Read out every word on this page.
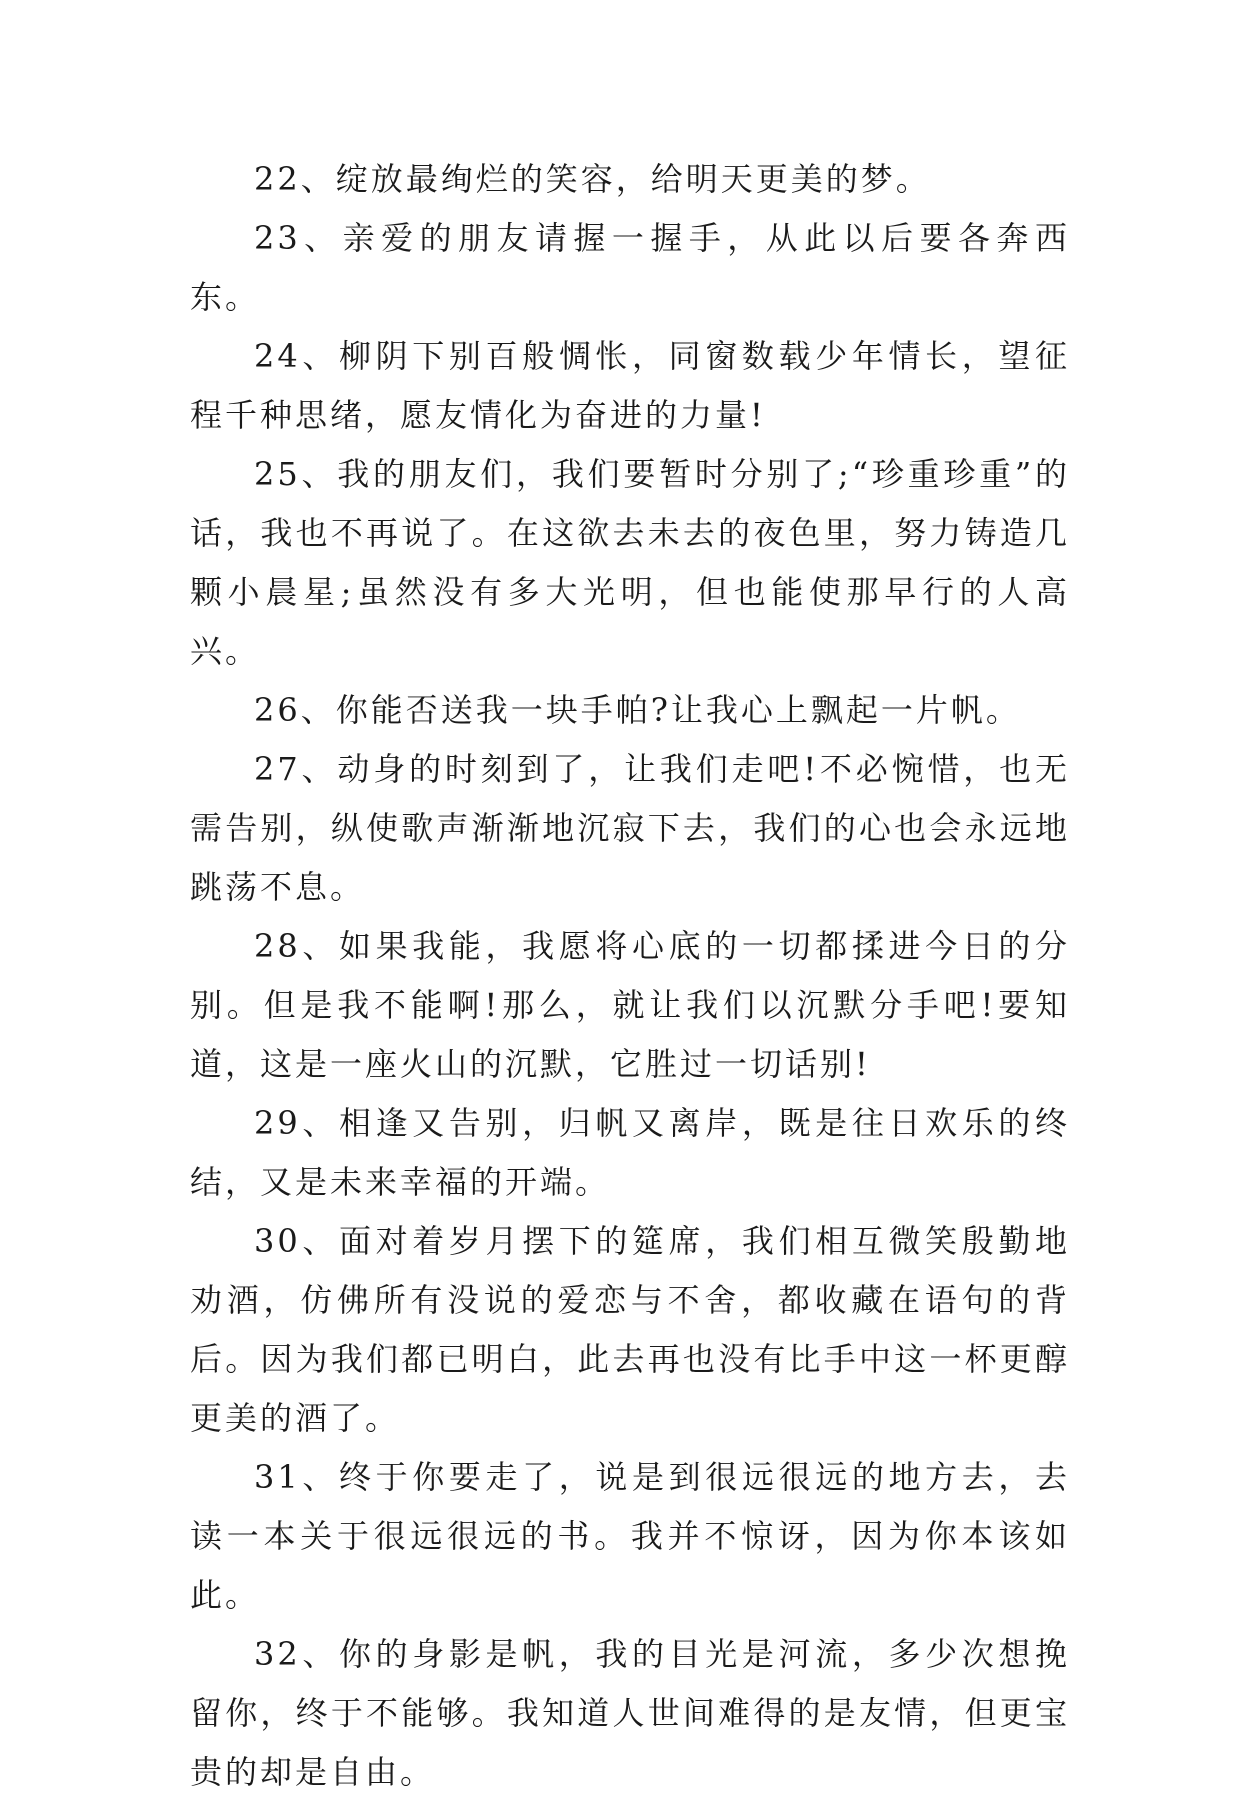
22、绽放最绚烂的笑容，给明天更美的梦。

23、亲爱的朋友请握一握手，从此以后要各奔西东。

24、柳阴下别百般惆怅，同窗数载少年情长，望征程千种思绪，愿友情化为奋进的力量!

25、我的朋友们，我们要暂时分别了;“珍重珍重”的话，我也不再说了。在这欲去未去的夜色里，努力铸造几颗小晨星;虽然没有多大光明，但也能使那早行的人高兴。

26、你能否送我一块手帕?让我心上飘起一片帆。

27、动身的时刻到了，让我们走吧!不必惋惜，也无需告别，纵使歌声渐渐地沉寂下去，我们的心也会永远地跳荡不息。

28、如果我能，我愿将心底的一切都揉进今日的分别。但是我不能啊!那么，就让我们以沉默分手吧!要知道，这是一座火山的沉默，它胜过一切话别!

29、相逢又告别，归帆又离岸，既是往日欢乐的终结，又是未来幸福的开端。

30、面对着岁月摆下的筵席，我们相互微笑殷勤地劝酒，仿佛所有没说的爱恋与不舍，都收藏在语句的背后。因为我们都已明白，此去再也没有比手中这一杯更醇更美的酒了。

31、终于你要走了，说是到很远很远的地方去，去读一本关于很远很远的书。我并不惊讶，因为你本该如此。

32、你的身影是帆，我的目光是河流，多少次想挽留你，终于不能够。我知道人世间难得的是友情，但更宝贵的却是自由。
